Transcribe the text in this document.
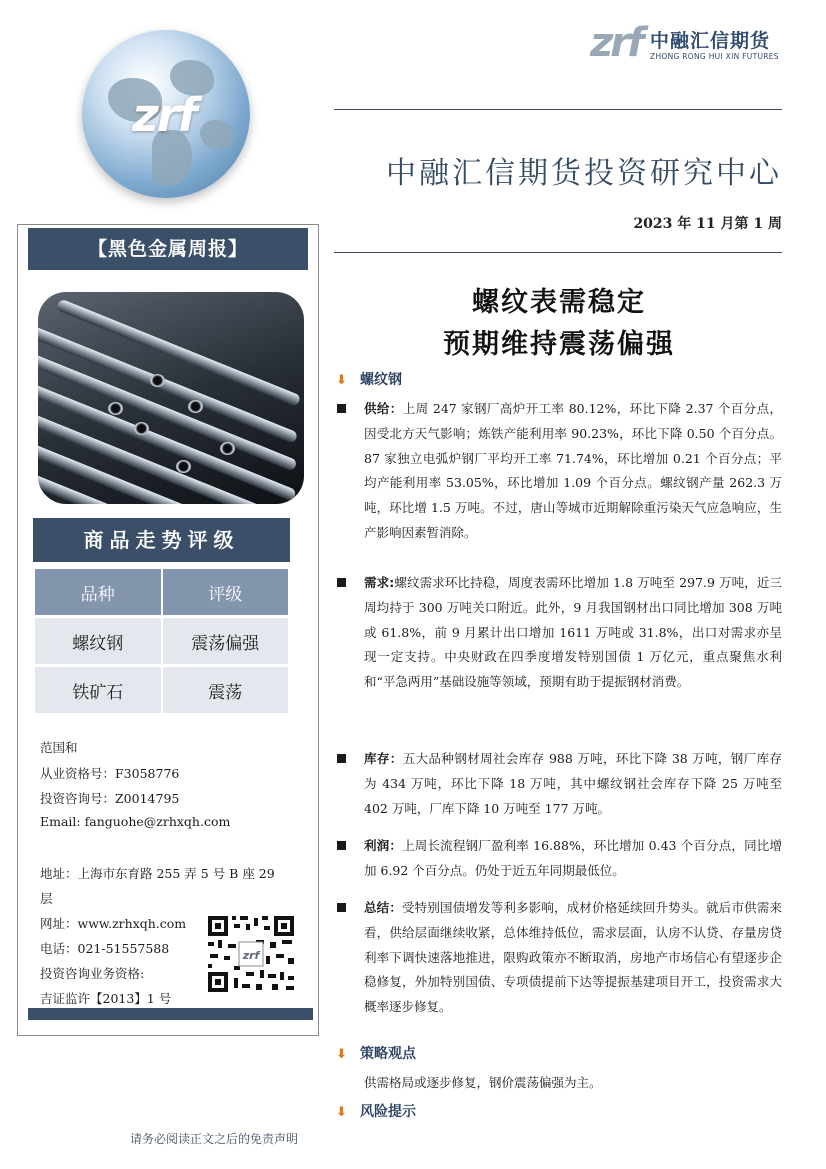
zrf
zrf 中融汇信期货
ZHONG RONG HUI XIN FUTURES
中融汇信期货投资研究中心
2023 年 11 月第 1 周
【黑色金属周报】
商品走势评级
品种	评级
螺纹钢	震荡偏强
铁矿石	震荡
范国和
从业资格号：F3058776
投资咨询号：Z0014795
Email: fanguohe@zrhxqh.com
地址：上海市东育路 255 弄 5 号 B 座 29
层
网址：www.zrhxqh.com
电话：021-51557588
投资咨询业务资格:
吉证监许【2013】1 号
zrf
螺纹表需稳定
预期维持震荡偏强
⬇ 螺纹钢
供给：上周 247 家钢厂高炉开工率 80.12%，环比下降 2.37 个百分点，因受北方天气影响；炼铁产能利用率 90.23%，环比下降 0.50 个百分点。87 家独立电弧炉钢厂平均开工率 71.74%，环比增加 0.21 个百分点；平均产能利用率 53.05%，环比增加 1.09 个百分点。螺纹钢产量 262.3 万吨，环比增 1.5 万吨。不过，唐山等城市近期解除重污染天气应急响应，生产影响因素暂消除。
需求:螺纹需求环比持稳，周度表需环比增加 1.8 万吨至 297.9 万吨，近三周均持于 300 万吨关口附近。此外，9 月我国钢材出口同比增加 308 万吨或 61.8%，前 9 月累计出口增加 1611 万吨或 31.8%，出口对需求亦呈现一定支持。中央财政在四季度增发特别国债 1 万亿元，重点聚焦水利和“平急两用”基础设施等领域，预期有助于提振钢材消费。
库存：五大品种钢材周社会库存 988 万吨，环比下降 38 万吨，钢厂库存为 434 万吨，环比下降 18 万吨，其中螺纹钢社会库存下降 25 万吨至 402 万吨，厂库下降 10 万吨至 177 万吨。
利润：上周长流程钢厂盈利率 16.88%，环比增加 0.43 个百分点，同比增加 6.92 个百分点。仍处于近五年同期最低位。
总结：受特别国债增发等利多影响，成材价格延续回升势头。就后市供需来看，供给层面继续收紧，总体维持低位，需求层面，认房不认贷、存量房贷利率下调快速落地推进，限购政策亦不断取消，房地产市场信心有望逐步企稳修复，外加特别国债、专项债提前下达等提振基建项目开工，投资需求大概率逐步修复。
⬇ 策略观点
供需格局或逐步修复，钢价震荡偏强为主。
⬇ 风险提示
请务必阅读正文之后的免责声明
